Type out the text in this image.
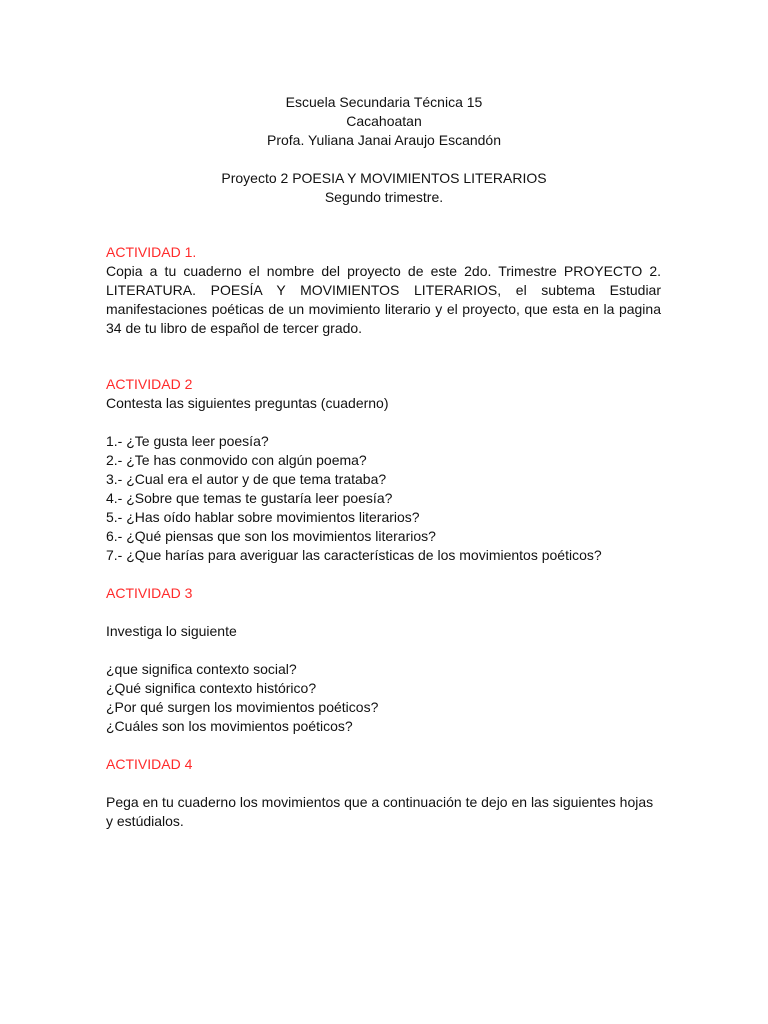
Escuela Secundaria Técnica 15
Cacahoatan
Profa. Yuliana Janai Araujo Escandón
Proyecto 2 POESIA Y MOVIMIENTOS LITERARIOS
Segundo trimestre.

ACTIVIDAD 1.

Copia a tu cuaderno el nombre del proyecto de este 2do. Trimestre PROYECTO 2. LITERATURA. POESÍA Y MOVIMIENTOS LITERARIOS, el subtema Estudiar manifestaciones poéticas de un movimiento literario y el proyecto, que esta en la pagina 34 de tu libro de español de tercer grado.

ACTIVIDAD 2

Contesta las siguientes preguntas (cuaderno)

1.- ¿Te gusta leer poesía?

2.- ¿Te has conmovido con algún poema?

3.- ¿Cual era el autor y de que tema trataba?

4.- ¿Sobre que temas te gustaría leer poesía?

5.- ¿Has oído hablar sobre movimientos literarios?

6.- ¿Qué piensas que son los movimientos literarios?

7.- ¿Que harías para averiguar las características de los movimientos poéticos?

ACTIVIDAD 3

Investiga lo siguiente

¿que significa contexto social?

¿Qué significa contexto histórico?

¿Por qué surgen los movimientos poéticos?

¿Cuáles son los movimientos poéticos?

ACTIVIDAD 4

Pega en tu cuaderno los movimientos que a continuación te dejo en las siguientes hojas y estúdialos.
